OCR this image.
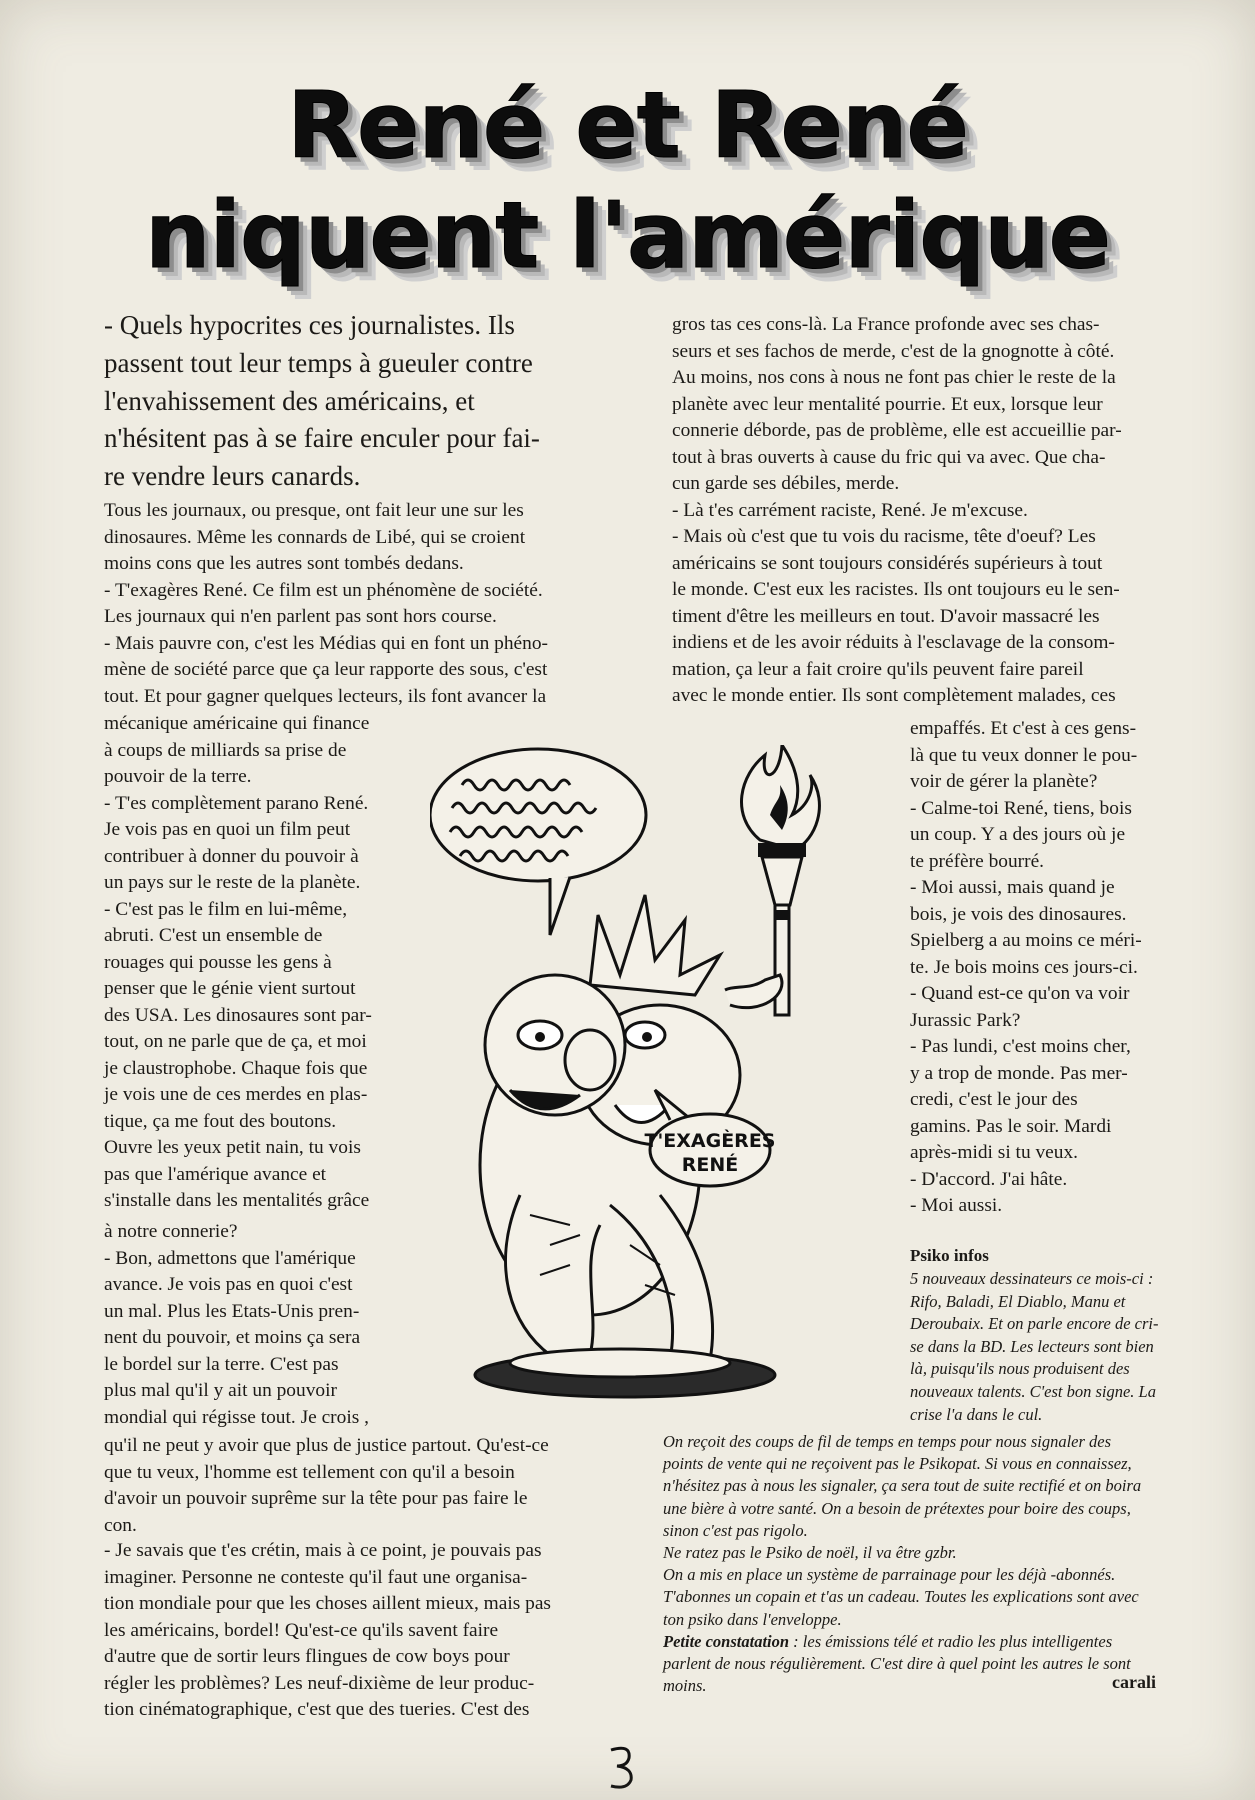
René et René
niquent l'amérique

- Quels hypocrites ces journalistes. Ils

passent tout leur temps à gueuler contre

l'envahissement des américains, et

n'hésitent pas à se faire enculer pour fai-

re vendre leurs canards.

Tous les journaux, ou presque, ont fait leur une sur les

dinosaures. Même les connards de Libé, qui se croient

moins cons que les autres sont tombés dedans.

- T'exagères René. Ce film est un phénomène de société.

Les journaux qui n'en parlent pas sont hors course.

- Mais pauvre con, c'est les Médias qui en font un phéno-

mène de société parce que ça leur rapporte des sous, c'est

tout. Et pour gagner quelques lecteurs, ils font avancer la

mécanique américaine qui finance

à coups de milliards sa prise de

pouvoir de la terre.

- T'es complètement parano René.

Je vois pas en quoi un film peut

contribuer à donner du pouvoir à

un pays sur le reste de la planète.

- C'est pas le film en lui-même,

abruti. C'est un ensemble de

rouages qui pousse les gens à

penser que le génie vient surtout

des USA. Les dinosaures sont par-

tout, on ne parle que de ça, et moi

je claustrophobe. Chaque fois que

je vois une de ces merdes en plas-

tique, ça me fout des boutons.

Ouvre les yeux petit nain, tu vois

pas que l'amérique avance et

s'installe dans les mentalités grâce

à notre connerie?

- Bon, admettons que l'amérique

avance. Je vois pas en quoi c'est

un mal. Plus les Etats-Unis pren-

nent du pouvoir, et moins ça sera

le bordel sur la terre. C'est pas

plus mal qu'il y ait un pouvoir

mondial qui régisse tout. Je crois ,

qu'il ne peut y avoir que plus de justice partout. Qu'est-ce

que tu veux, l'homme est tellement con qu'il a besoin

d'avoir un pouvoir suprême sur la tête pour pas faire le

con.

- Je savais que t'es crétin, mais à ce point, je pouvais pas

imaginer. Personne ne conteste qu'il faut une organisa-

tion mondiale pour que les choses aillent mieux, mais pas

les américains, bordel! Qu'est-ce qu'ils savent faire

d'autre que de sortir leurs flingues de cow boys pour

régler les problèmes? Les neuf-dixième de leur produc-

tion cinématographique, c'est que des tueries. C'est des

gros tas ces cons-là. La France profonde avec ses chas-

seurs et ses fachos de merde, c'est de la gnognotte à côté.

Au moins, nos cons à nous ne font pas chier le reste de la

planète avec leur mentalité pourrie. Et eux, lorsque leur

connerie déborde, pas de problème, elle est accueillie par-

tout à bras ouverts à cause du fric qui va avec. Que cha-

cun garde ses débiles, merde.

- Là t'es carrément raciste, René. Je m'excuse.

- Mais où c'est que tu vois du racisme, tête d'oeuf? Les

américains se sont toujours considérés supérieurs à tout

le monde. C'est eux les racistes. Ils ont toujours eu le sen-

timent d'être les meilleurs en tout. D'avoir massacré les

indiens et de les avoir réduits à l'esclavage de la consom-

mation, ça leur a fait croire qu'ils peuvent faire pareil

avec le monde entier. Ils sont complètement malades, ces

empaffés. Et c'est à ces gens-

là que tu veux donner le pou-

voir de gérer la planète?

- Calme-toi René, tiens, bois

un coup. Y a des jours où je

te préfère bourré.

- Moi aussi, mais quand je

bois, je vois des dinosaures.

Spielberg a au moins ce méri-

te. Je bois moins ces jours-ci.

- Quand est-ce qu'on va voir

Jurassic Park?

- Pas lundi, c'est moins cher,

y a trop de monde. Pas mer-

credi, c'est le jour des

gamins. Pas le soir. Mardi

après-midi si tu veux.

- D'accord. J'ai hâte.

- Moi aussi.

T'EXAGÈRES
RENÉ
Psiko infos

5 nouveaux dessinateurs ce mois-ci :

Rifo, Baladi, El Diablo, Manu et

Deroubaix. Et on parle encore de cri-

se dans la BD. Les lecteurs sont bien

là, puisqu'ils nous produisent des

nouveaux talents. C'est bon signe. La

crise l'a dans le cul.

On reçoit des coups de fil de temps en temps pour nous signaler des

points de vente qui ne reçoivent pas le Psikopat. Si vous en connaissez,

n'hésitez pas à nous les signaler, ça sera tout de suite rectifié et on boira

une bière à votre santé. On a besoin de prétextes pour boire des coups,

sinon c'est pas rigolo.

Ne ratez pas le Psiko de noël, il va être gzbr.

On a mis en place un système de parrainage pour les déjà -abonnés.

T'abonnes un copain et t'as un cadeau. Toutes les explications sont avec

ton psiko dans l'enveloppe.

Petite constatation : les émissions télé et radio les plus intelligentes

parlent de nous régulièrement. C'est dire à quel point les autres le sont

moins.	carali
